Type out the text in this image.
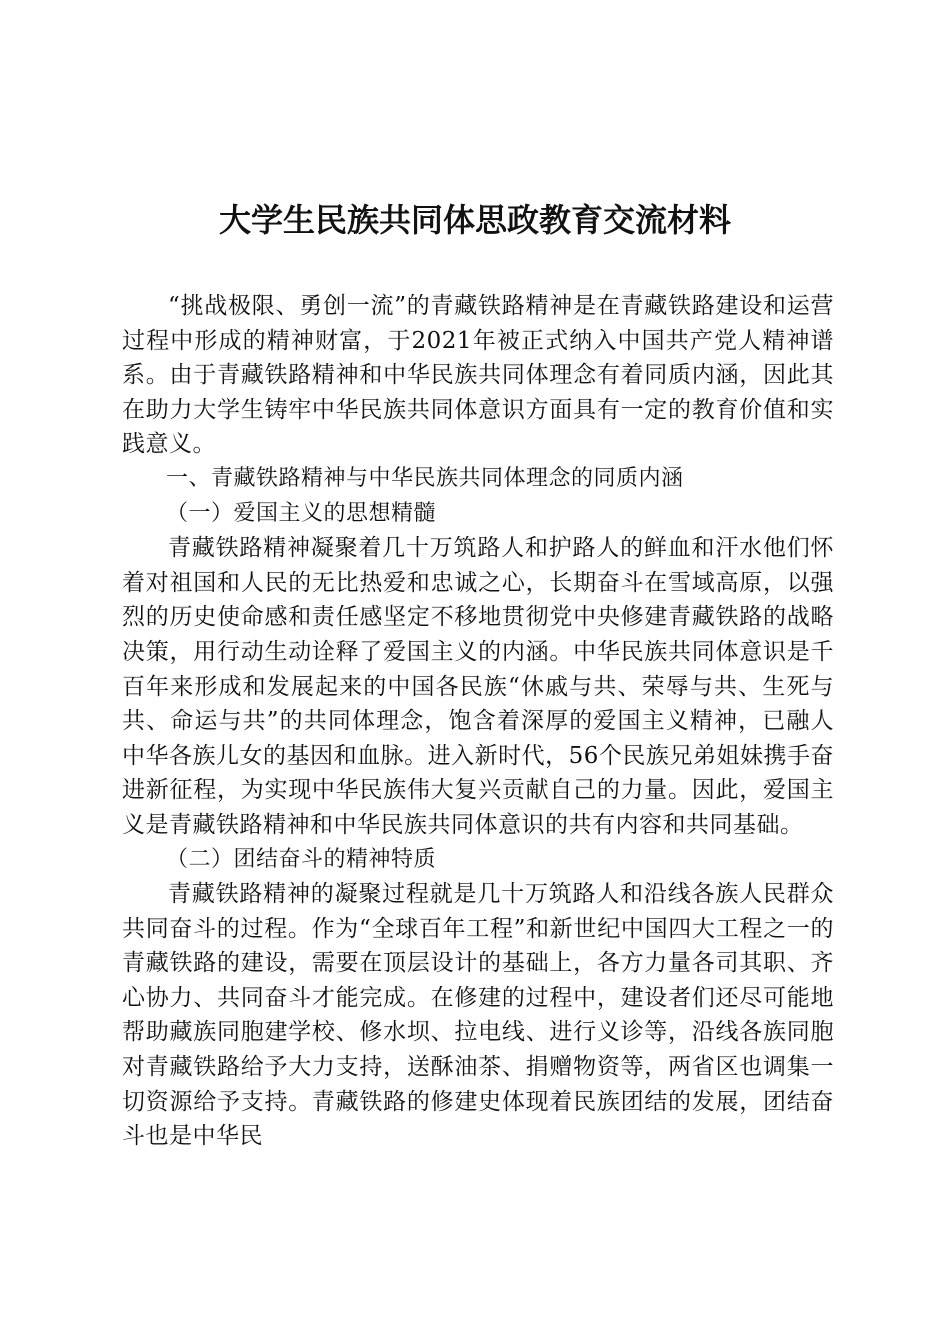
大学生民族共同体思政教育交流材料

“挑战极限、勇创一流”的青藏铁路精神是在青藏铁路建设和运营过程中形成的精神财富，于2021年被正式纳入中国共产党人精神谱系。由于青藏铁路精神和中华民族共同体理念有着同质内涵，因此其在助力大学生铸牢中华民族共同体意识方面具有一定的教育价值和实践意义。

一、青藏铁路精神与中华民族共同体理念的同质内涵
（一）爱国主义的思想精髓

青藏铁路精神凝聚着几十万筑路人和护路人的鲜血和汗水他们怀着对祖国和人民的无比热爱和忠诚之心，长期奋斗在雪域高原，以强烈的历史使命感和责任感坚定不移地贯彻党中央修建青藏铁路的战略决策，用行动生动诠释了爱国主义的内涵。中华民族共同体意识是千百年来形成和发展起来的中国各民族“休戚与共、荣辱与共、生死与共、命运与共”的共同体理念，饱含着深厚的爱国主义精神，已融人中华各族儿女的基因和血脉。进入新时代，56个民族兄弟姐妹携手奋进新征程，为实现中华民族伟大复兴贡献自己的力量。因此，爱国主义是青藏铁路精神和中华民族共同体意识的共有内容和共同基础。

（二）团结奋斗的精神特质

青藏铁路精神的凝聚过程就是几十万筑路人和沿线各族人民群众共同奋斗的过程。作为“全球百年工程”和新世纪中国四大工程之一的青藏铁路的建设，需要在顶层设计的基础上，各方力量各司其职、齐心协力、共同奋斗才能完成。在修建的过程中，建设者们还尽可能地帮助藏族同胞建学校、修水坝、拉电线、进行义诊等，沿线各族同胞对青藏铁路给予大力支持，送酥油茶、捐赠物资等，两省区也调集一切资源给予支持。青藏铁路的修建史体现着民族团结的发展，团结奋斗也是中华民
